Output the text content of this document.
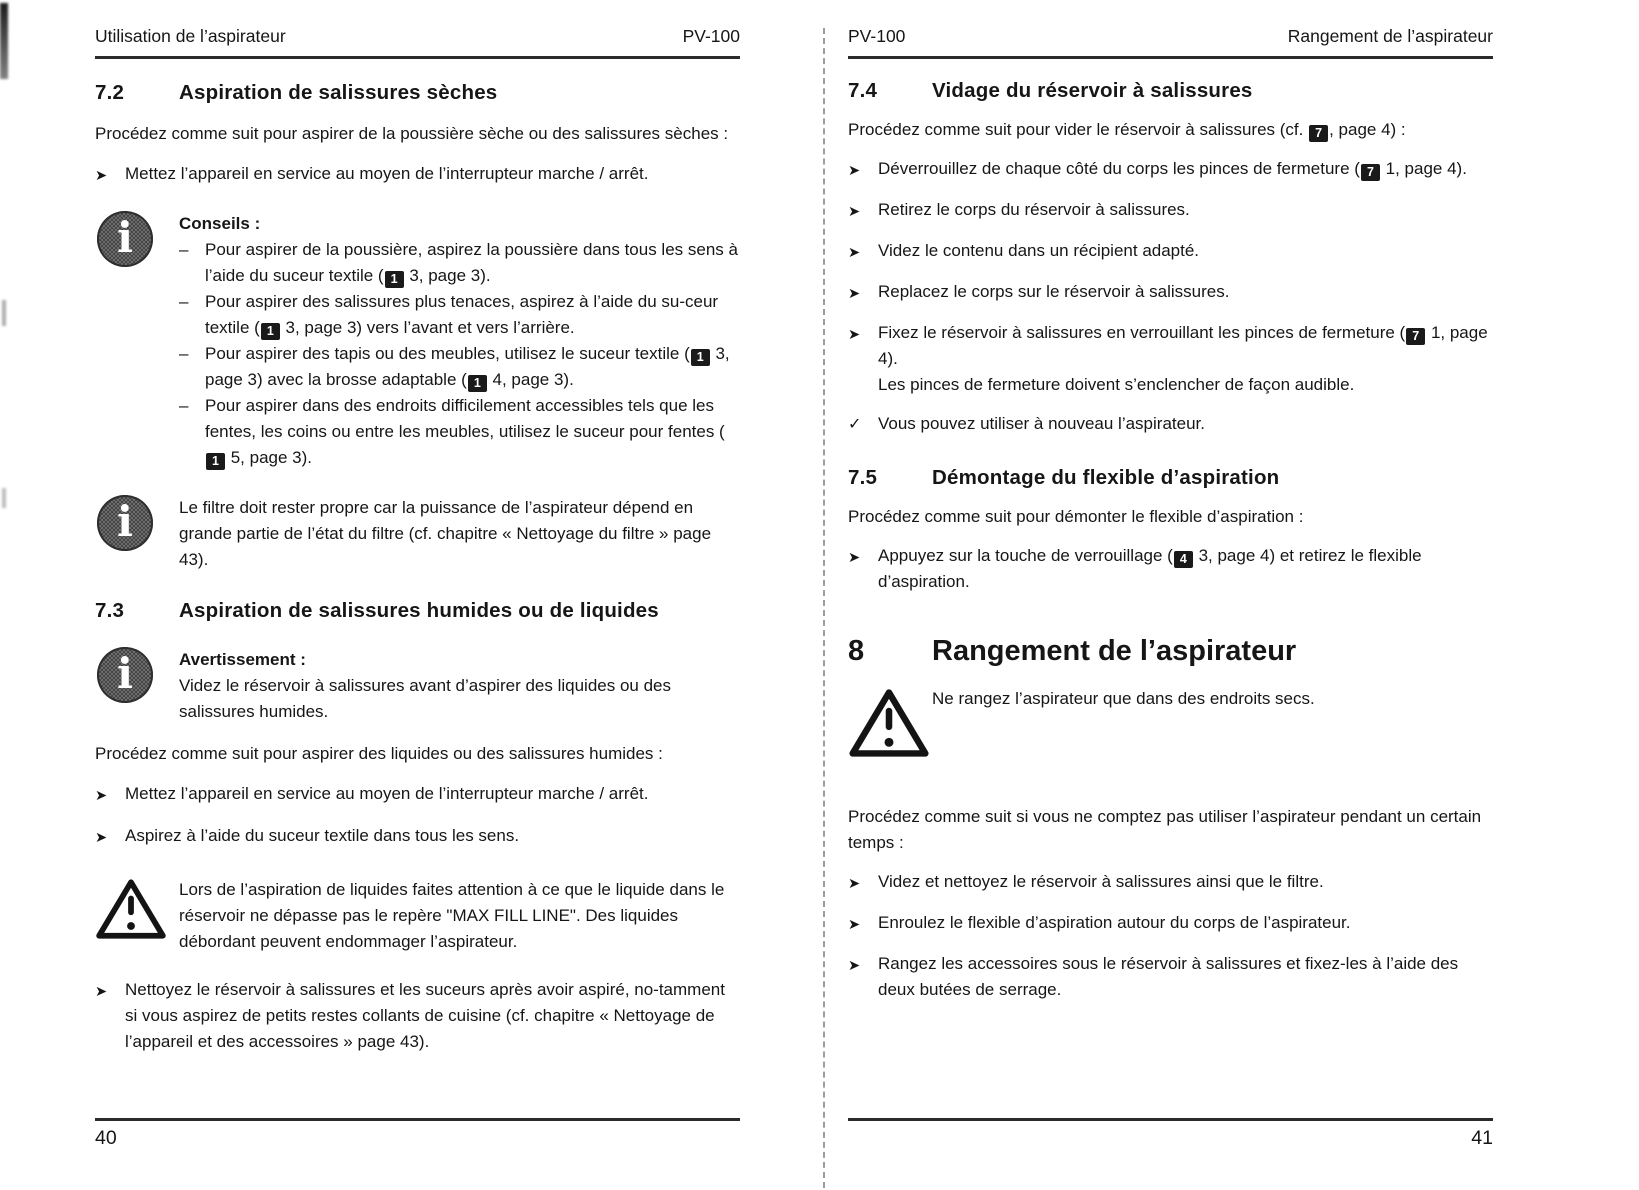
Utilisation de l’aspirateur	PV-100
7.2	Aspiration de salissures sèches

Procédez comme suit pour aspirer de la poussière sèche ou des salissures sèches :

➤	Mettez l’appareil en service au moyen de l’interrupteur marche / arrêt.
i
Conseils :
– Pour aspirer de la poussière, aspirez la poussière dans tous les sens à l’aide du suceur textile ( 1 3, page 3).
– Pour aspirer des salissures plus tenaces, aspirez à l’aide du su-ceur textile ( 1 3, page 3) vers l’avant et vers l’arrière.
– Pour aspirer des tapis ou des meubles, utilisez le suceur textile ( 1 3, page 3) avec la brosse adaptable ( 1 4, page 3).
– Pour aspirer dans des endroits difficilement accessibles tels que les fentes, les coins ou entre les meubles, utilisez le suceur pour fentes (1 5, page 3).
i
Le filtre doit rester propre car la puissance de l’aspirateur dépend en grande partie de l’état du filtre (cf. chapitre « Nettoyage du filtre » page 43).
7.3	Aspiration de salissures humides ou de liquides
i
Avertissement :
Videz le réservoir à salissures avant d’aspirer des liquides ou des salissures humides.

Procédez comme suit pour aspirer des liquides ou des salissures humides :

➤	Mettez l’appareil en service au moyen de l’interrupteur marche / arrêt.
➤	Aspirez à l’aide du suceur textile dans tous les sens.
Lors de l’aspiration de liquides faites attention à ce que le liquide dans le réservoir ne dépasse pas le repère "MAX FILL LINE". Des liquides débordant peuvent endommager l’aspirateur.
➤	Nettoyez le réservoir à salissures et les suceurs après avoir aspiré, no-tamment si vous aspirez de petits restes collants de cuisine (cf. chapitre « Nettoyage de l’appareil et des accessoires » page 43).
40
PV-100	Rangement de l’aspirateur
7.4	Vidage du réservoir à salissures

Procédez comme suit pour vider le réservoir à salissures (cf. 7 , page 4) :

➤	Déverrouillez de chaque côté du corps les pinces de fermeture ( 7 1, page 4).
➤	Retirez le corps du réservoir à salissures.
➤	Videz le contenu dans un récipient adapté.
➤	Replacez le corps sur le réservoir à salissures.
➤	Fixez le réservoir à salissures en verrouillant les pinces de fermeture ( 7 1, page 4).
Les pinces de fermeture doivent s’enclencher de façon audible.
✓ Vous pouvez utiliser à nouveau l’aspirateur.
7.5	Démontage du flexible d’aspiration

Procédez comme suit pour démonter le flexible d’aspiration :

➤	Appuyez sur la touche de verrouillage ( 4 3, page 4) et retirez le flexible d’aspiration.
8	Rangement de l’aspirateur
Ne rangez l’aspirateur que dans des endroits secs.

Procédez comme suit si vous ne comptez pas utiliser l’aspirateur pendant un certain temps :

➤	Videz et nettoyez le réservoir à salissures ainsi que le filtre.
➤	Enroulez le flexible d’aspiration autour du corps de l’aspirateur.
➤	Rangez les accessoires sous le réservoir à salissures et fixez-les à l’aide des deux butées de serrage.
41
